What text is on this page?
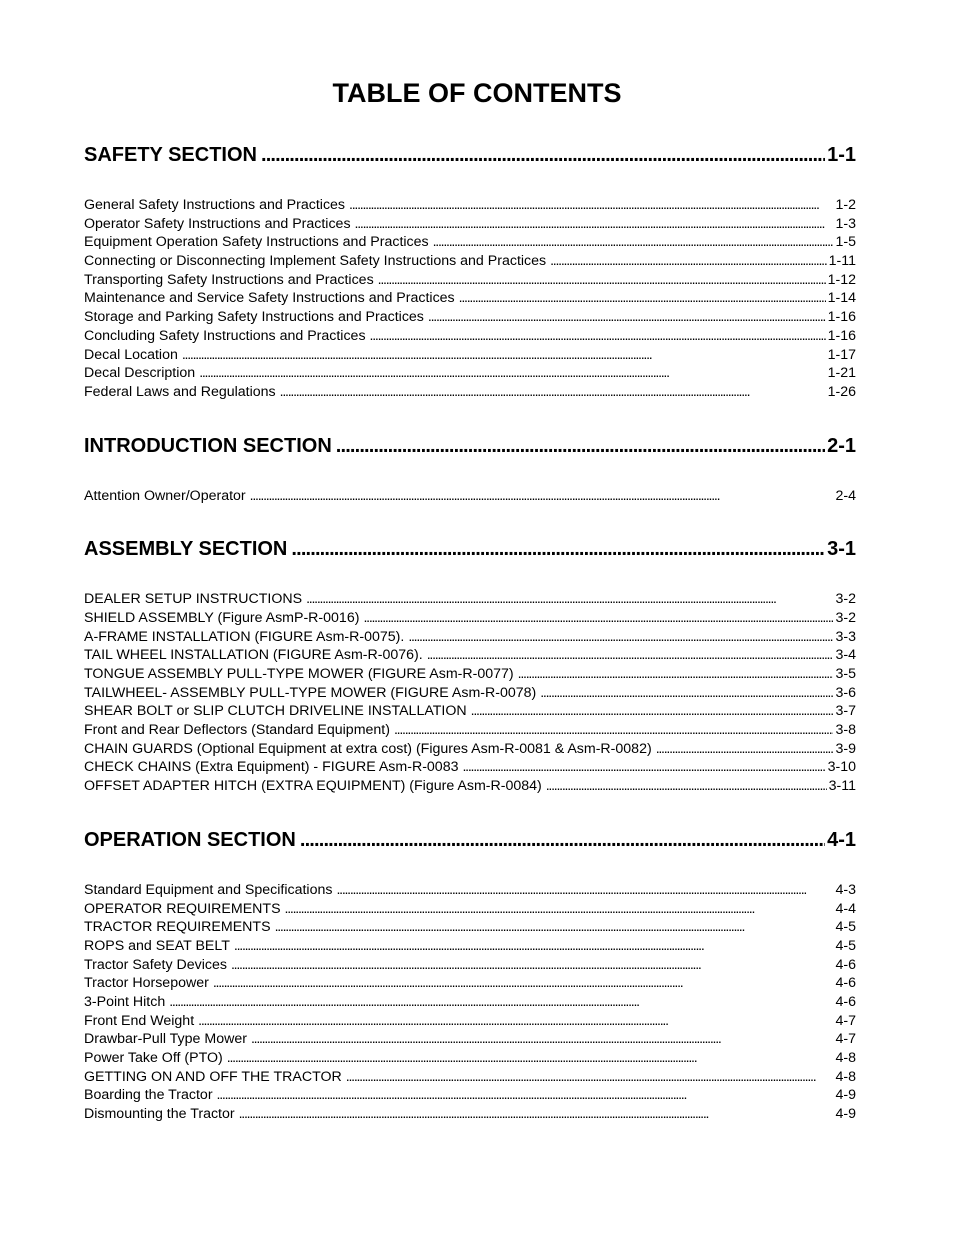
TABLE OF CONTENTS
SAFETY SECTION . . .	1-1
General Safety Instructions and Practices . . .	1-2
Operator Safety Instructions and Practices . . .	1-3
Equipment Operation Safety Instructions and Practices . . .	1-5
Connecting or Disconnecting Implement Safety Instructions and Practices . . .	1-11
Transporting Safety Instructions and Practices . . .	1-12
Maintenance and Service Safety Instructions and Practices . . .	1-14
Storage and Parking Safety Instructions and Practices . . .	1-16
Concluding Safety Instructions and Practices . . .	1-16
Decal Location . . .	1-17
Decal Description . . .	1-21
Federal Laws and Regulations . . .	1-26
INTRODUCTION SECTION . . .	2-1
Attention Owner/Operator . . .	2-4
ASSEMBLY SECTION . . .	3-1
DEALER SETUP INSTRUCTIONS . . .	3-2
SHIELD ASSEMBLY (Figure AsmP-R-0016) . . .	3-2
A-FRAME INSTALLATION (FIGURE Asm-R-0075). . . .	3-3
TAIL WHEEL INSTALLATION (FIGURE Asm-R-0076). . . .	3-4
TONGUE ASSEMBLY PULL-TYPE MOWER (FIGURE Asm-R-0077) . . .	3-5
TAILWHEEL- ASSEMBLY PULL-TYPE MOWER (FIGURE Asm-R-0078) . . .	3-6
SHEAR BOLT or SLIP CLUTCH DRIVELINE INSTALLATION . . .	3-7
Front and Rear Deflectors (Standard Equipment) . . .	3-8
CHAIN GUARDS (Optional Equipment at extra cost) (Figures Asm-R-0081 & Asm-R-0082) . . .	3-9
CHECK CHAINS (Extra Equipment) - FIGURE Asm-R-0083 . . .	3-10
OFFSET ADAPTER HITCH (EXTRA EQUIPMENT) (Figure Asm-R-0084) . . .	3-11
OPERATION SECTION . . .	4-1
Standard Equipment and Specifications . . .	4-3
OPERATOR REQUIREMENTS . . .	4-4
TRACTOR REQUIREMENTS . . .	4-5
ROPS and SEAT BELT . . .	4-5
Tractor Safety Devices . . .	4-6
Tractor Horsepower . . .	4-6
3-Point Hitch . . .	4-6
Front End Weight . . .	4-7
Drawbar-Pull Type Mower . . .	4-7
Power Take Off (PTO) . . .	4-8
GETTING ON AND OFF THE TRACTOR . . .	4-8
Boarding the Tractor . . .	4-9
Dismounting the Tractor . . .	4-9
